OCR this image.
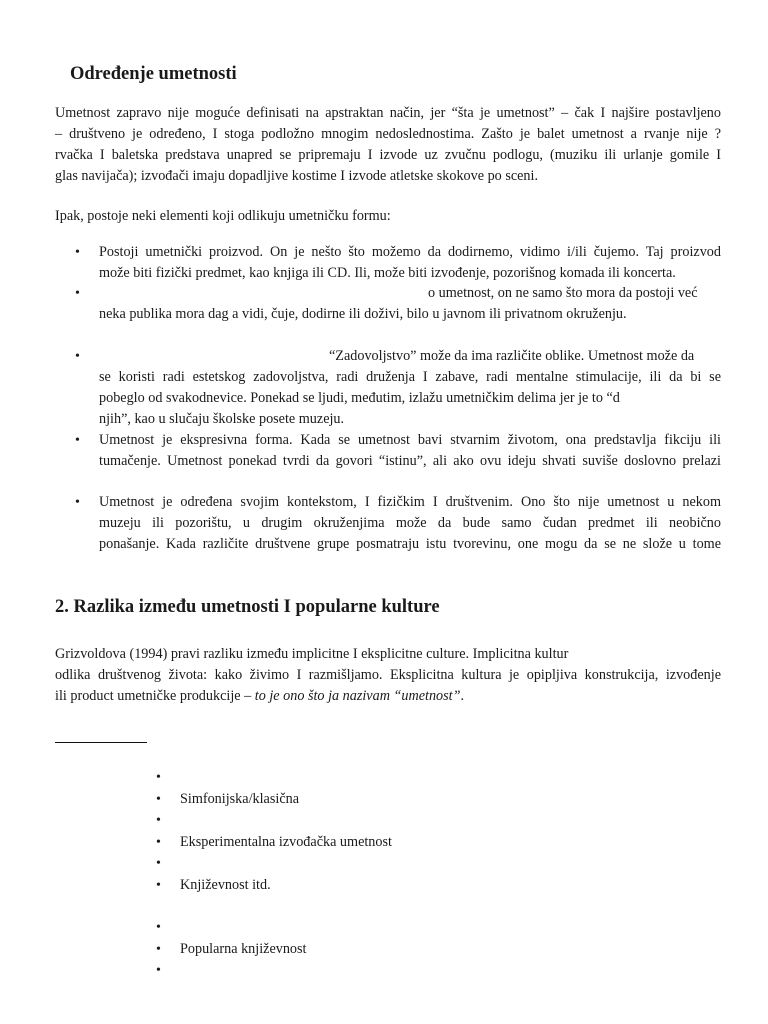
Određenje umetnosti
Umetnost zapravo nije moguće definisati na apstraktan način, jer “šta je umetnost” – čak I najšire postavljeno
– društveno je određeno, I stoga podložno mnogim nedoslednostima. Zašto je balet umetnost a rvanje nije ?
rvačka I baletska predstava unapred se pripremaju I izvode uz zvučnu podlogu, (muziku ili urlanje gomile I
glas navijača); izvođači imaju dopadljive kostime I izvode atletske skokove po sceni.
Ipak, postoje neki elementi koji odlikuju umetničku formu:
•	Postoji umetnički proizvod. On je nešto što možemo da dodirnemo, vidimo i/ili čujemo. Taj proizvod
može biti fizički predmet, kao knjiga ili CD. Ili, može biti izvođenje, pozorišnog komada ili koncerta.
•	o umetnost, on ne samo što mora da postoji već
neka publika mora dag a vidi, čuje, dodirne ili doživi, bilo u javnom ili privatnom okruženju.
•	“Zadovoljstvo” može da ima različite oblike. Umetnost može da
se koristi radi estetskog zadovoljstva, radi druženja I zabave, radi mentalne stimulacije, ili da bi se
pobeglo od svakodnevice. Ponekad se ljudi, međutim, izlažu umetničkim delima jer je to “d
njih”, kao u slučaju školske posete muzeju.
•	Umetnost je ekspresivna forma. Kada se umetnost bavi stvarnim životom, ona predstavlja fikciju ili
tumačenje. Umetnost ponekad tvrdi da govori “istinu”, ali ako ovu ideju shvati suviše doslovno prelazi
•	Umetnost je određena svojim kontekstom, I fizičkim I društvenim. Ono što nije umetnost u nekom
muzeju ili pozorištu, u drugim okruženjima može da bude samo čudan predmet ili neobično
ponašanje. Kada različite društvene grupe posmatraju istu tvorevinu, one mogu da se ne slože u tome
2. Razlika između umetnosti I popularne kulture
Grizvoldova (1994) pravi razliku između implicitne I eksplicitne culture. Implicitna kultur
odlika društvenog života: kako živimo I razmišljamo. Eksplicitna kultura je opipljiva konstrukcija, izvođenje
ili product umetničke produkcije – to je ono što ja nazivam “umetnost”.
•
• Simfonijska/klasična
•
• Eksperimentalna izvođačka umetnost
•
• Književnost itd.
•
• Popularna književnost
•
